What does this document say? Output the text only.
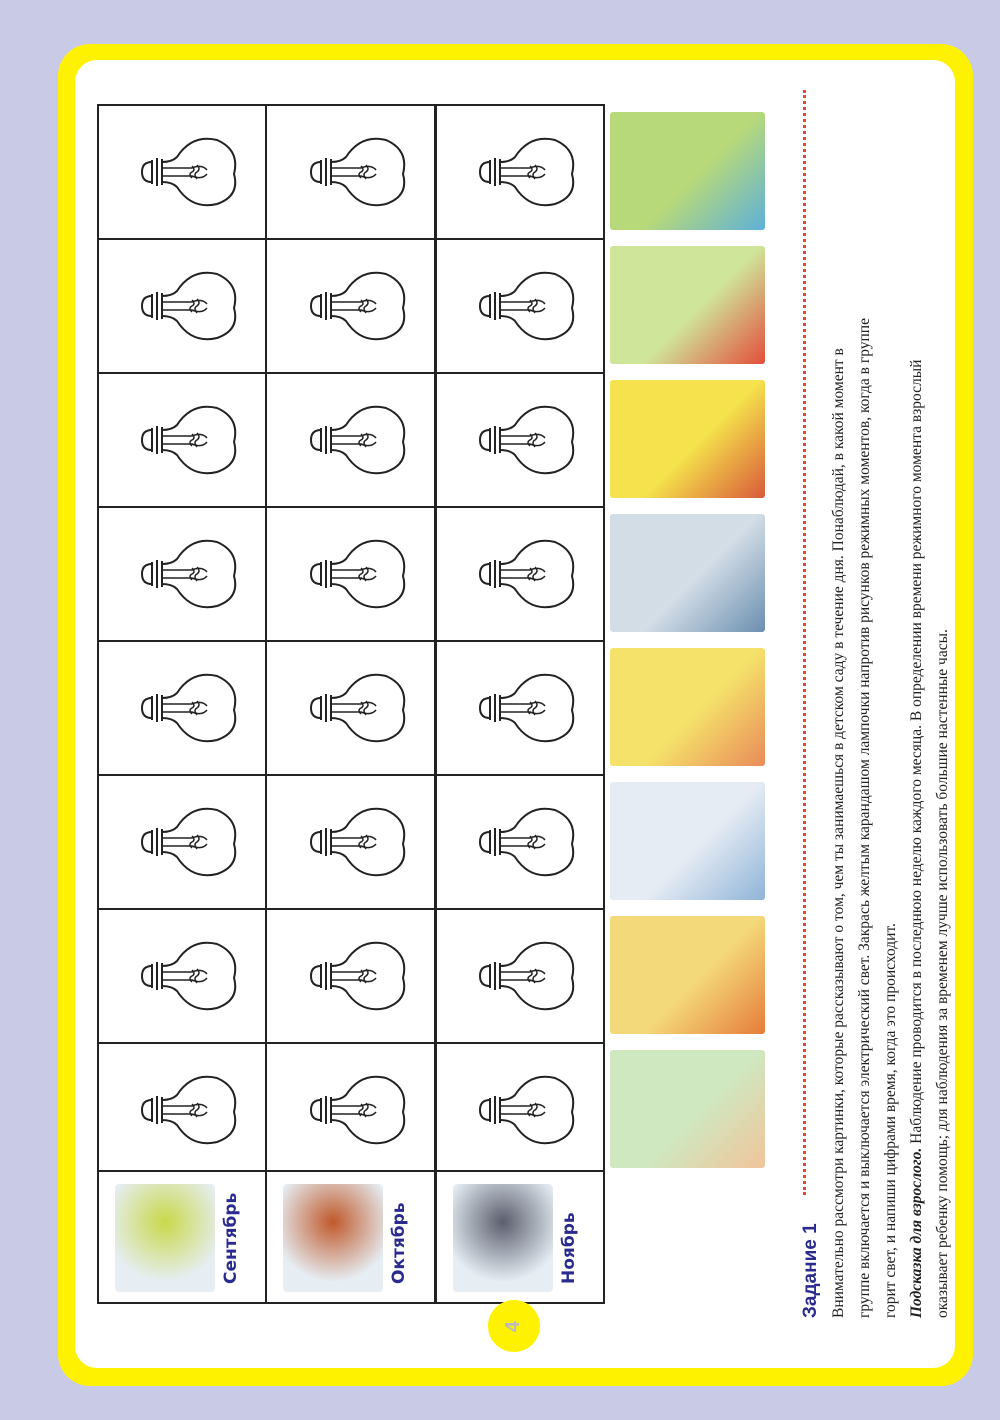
Сентябрь	Октябрь	Ноябрь	Задание 1 Внимательно рассмотри картинки, которые рассказывают о том, чем ты занимаешься в детском саду в течение дня. Понаблюдай, в какой момент в группе включается и выключается электрический свет. Закрась желтым карандашом лампочки напротив рисунков режимных моментов, когда в группе горит свет, и напиши цифрами время, когда это происходит. Подсказка для взрослого. Наблюдение проводится в последнюю неделю каждого месяца. В определении времени режимного момента взрослый оказывает ребенку помощь; для наблюдения за временем лучше использовать большие настенные часы.
4
